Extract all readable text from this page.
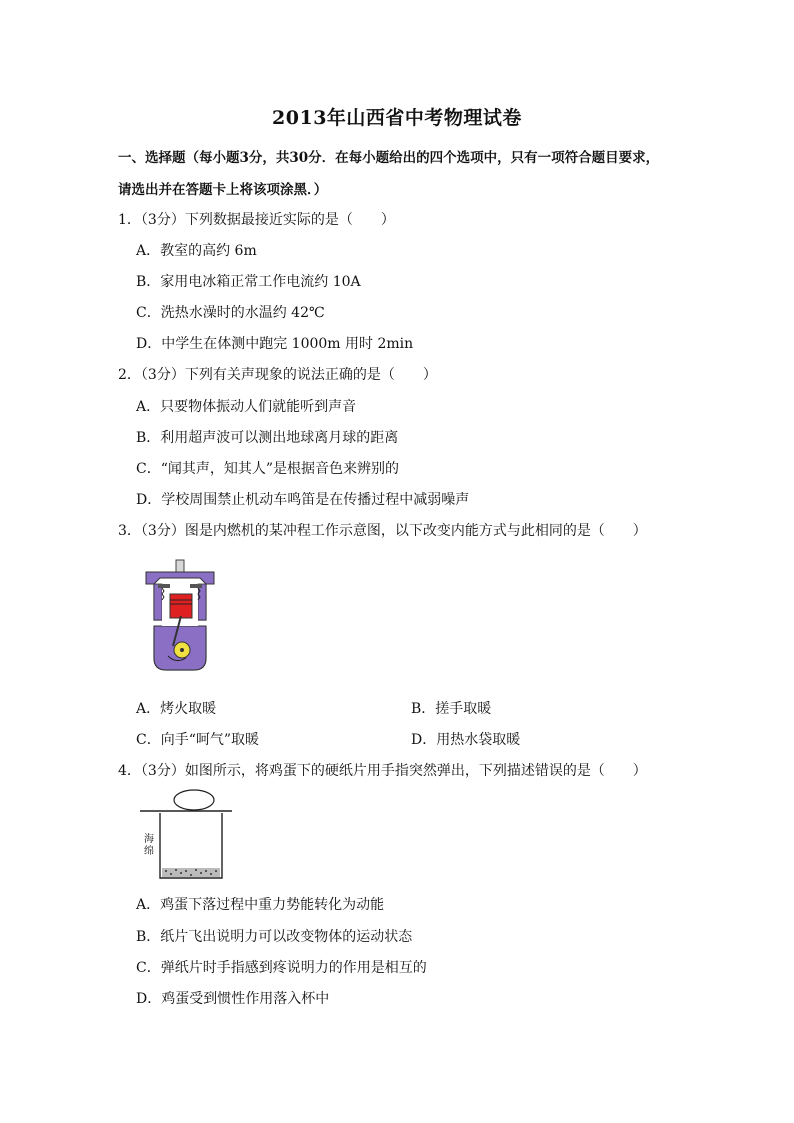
2013年山西省中考物理试卷
一、选择题（每小题3分，共30分．在每小题给出的四个选项中，只有一项符合题目要求，
请选出并在答题卡上将该项涂黑．）
1．（3分）下列数据最接近实际的是（　　）
A．教室的高约 6m
B．家用电冰箱正常工作电流约 10A
C．洗热水澡时的水温约 42℃
D．中学生在体测中跑完 1000m 用时 2min
2．（3分）下列有关声现象的说法正确的是（　　）
A．只要物体振动人们就能听到声音
B．利用超声波可以测出地球离月球的距离
C．“闻其声，知其人”是根据音色来辨别的
D．学校周围禁止机动车鸣笛是在传播过程中减弱噪声
3．（3分）图是内燃机的某冲程工作示意图，以下改变内能方式与此相同的是（　　）
A．烤火取暖	B．搓手取暖
C．向手“呵气”取暖	D．用热水袋取暖
4．（3分）如图所示，将鸡蛋下的硬纸片用手指突然弹出，下列描述错误的是（　　）
海绵
A．鸡蛋下落过程中重力势能转化为动能
B．纸片飞出说明力可以改变物体的运动状态
C．弹纸片时手指感到疼说明力的作用是相互的
D．鸡蛋受到惯性作用落入杯中
